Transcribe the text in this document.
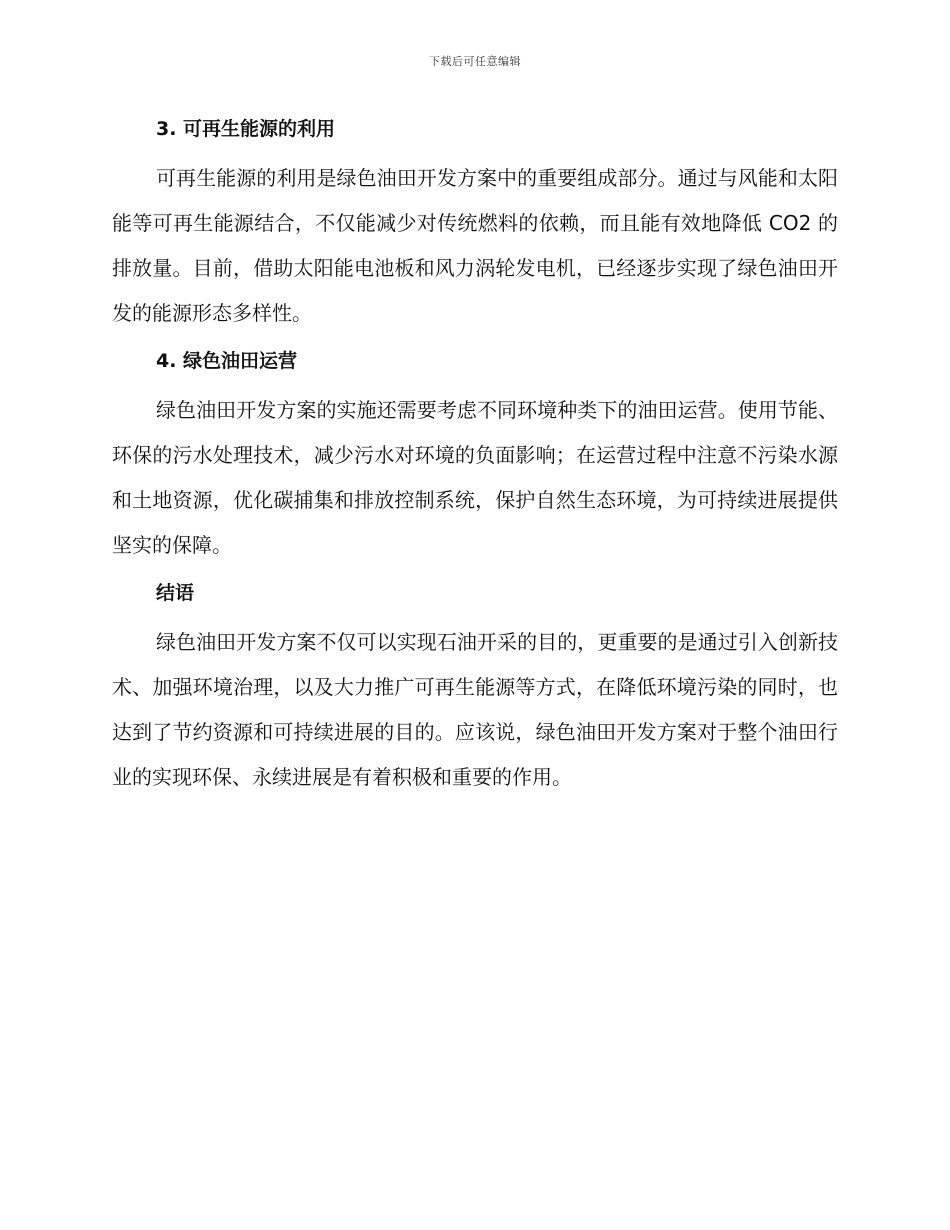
下载后可任意编辑
3. 可再生能源的利用

可再生能源的利用是绿色油田开发方案中的重要组成部分。通过与风能和太阳能等可再生能源结合，不仅能减少对传统燃料的依赖，而且能有效地降低 CO2 的排放量。目前，借助太阳能电池板和风力涡轮发电机，已经逐步实现了绿色油田开发的能源形态多样性。

4. 绿色油田运营

绿色油田开发方案的实施还需要考虑不同环境种类下的油田运营。使用节能、环保的污水处理技术，减少污水对环境的负面影响；在运营过程中注意不污染水源和土地资源，优化碳捕集和排放控制系统，保护自然生态环境，为可持续进展提供坚实的保障。

结语

绿色油田开发方案不仅可以实现石油开采的目的，更重要的是通过引入创新技术、加强环境治理，以及大力推广可再生能源等方式，在降低环境污染的同时，也达到了节约资源和可持续进展的目的。应该说，绿色油田开发方案对于整个油田行业的实现环保、永续进展是有着积极和重要的作用。
